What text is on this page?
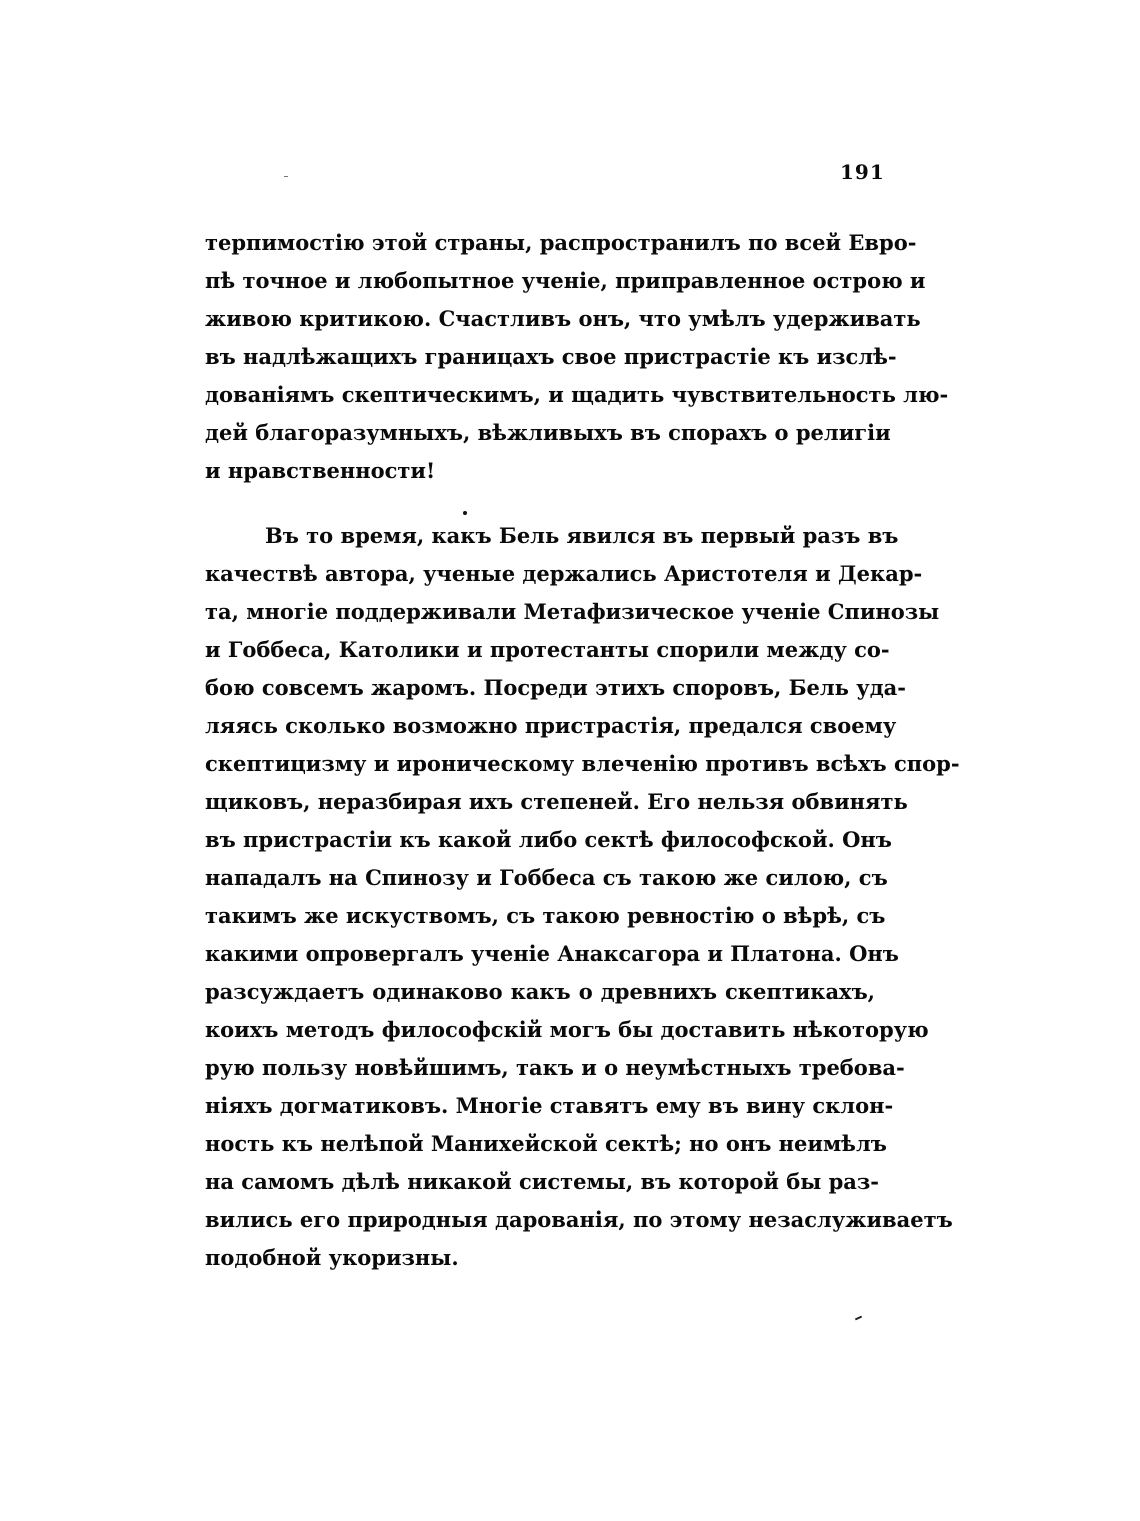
191
терпимостію этой страны, распространилъ по всей Евро-
пѣ точное и любопытное ученіе, приправленное острою и
живою критикою. Счастливъ онъ, что умѣлъ удерживать
въ надлѣжащихъ границахъ свое пристрастіе къ изслѣ-
дованіямъ скептическимъ, и щадить чувствительность лю-
дей благоразумныхъ, вѣжливыхъ въ спорахъ о религіи
и нравственности!
Въ то время, какъ Бель явился въ первый разъ въ
качествѣ автора, ученые держались Аристотеля и Декар-
та, многіе поддерживали Метафизическое ученіе Спинозы
и Гоббеса, Католики и протестанты спорили между со-
бою совсемъ жаромъ. Посреди этихъ споровъ, Бель уда-
ляясь сколько возможно пристрастія, предался своему
скептицизму и ироническому влеченію противъ всѣхъ спор-
щиковъ, неразбирая ихъ степеней. Его нельзя обвинять
въ пристрастіи къ какой либо сектѣ философской. Онъ
нападалъ на Спинозу и Гоббеса съ такою же силою, съ
такимъ же искуствомъ, съ такою ревностію о вѣрѣ, съ
какими опровергалъ ученіе Анаксагора и Платона. Онъ
разсуждаетъ одинаково какъ о древнихъ скептикахъ,
коихъ методъ философскій могъ бы доставить нѣкоторую
рую пользу новѣйшимъ, такъ и о неумѣстныхъ требова-
ніяхъ догматиковъ. Многіе ставятъ ему въ вину склон-
ность къ нелѣпой Манихейской сектѣ; но онъ неимѣлъ
на самомъ дѣлѣ никакой системы, въ которой бы раз-
вились его природныя дарованія, по этому незаслуживаетъ
подобной укоризны.
